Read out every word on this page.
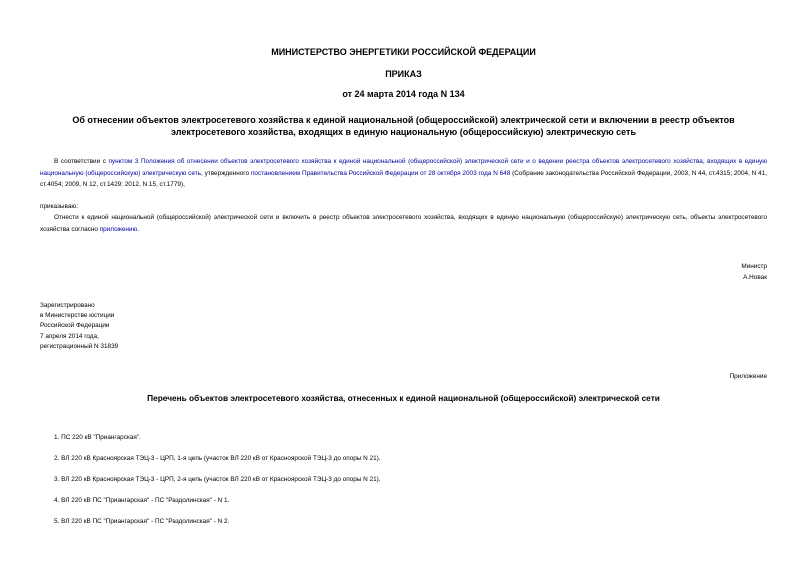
МИНИСТЕРСТВО ЭНЕРГЕТИКИ РОССИЙСКОЙ ФЕДЕРАЦИИ
ПРИКАЗ
от 24 марта 2014 года N 134
Об отнесении объектов электросетевого хозяйства к единой национальной (общероссийской) электрической сети и включении в реестр объектов электросетевого хозяйства, входящих в единую национальную (общероссийскую) электрическую сеть
В соответствии с пунктом 3 Положения об отнесении объектов электросетевого хозяйства к единой национальной (общероссийской) электрической сети и о ведении реестра объектов электросетевого хозяйства, входящих в единую национальную (общероссийскую) электрическую сеть, утвержденного постановлением Правительства Российской Федерации от 28 октября 2003 года N 648 (Собрание законодательства Российской Федерации, 2003, N 44, ст.4315; 2004, N 41, ст.4054; 2009, N 12, ст.1429; 2012, N 15, ст.1779),
приказываю:
Отнести к единой национальной (общероссийской) электрической сети и включить в реестр объектов электросетевого хозяйства, входящих в единую национальную (общероссийскую) электрическую сеть, объекты электросетевого хозяйства согласно приложению.
Министр
А.Новак
Зарегистрировано
в Министерстве юстиции
Российской Федерации
7 апреля 2014 года,
регистрационный N 31839
Приложение
Перечень объектов электросетевого хозяйства, отнесенных к единой национальной (общероссийской) электрической сети
1. ПС 220 кВ "Приангарская".
2. ВЛ 220 кВ Красноярская ТЭЦ-3 - ЦРП, 1-я цепь (участок ВЛ 220 кВ от Красноярской ТЭЦ-3 до опоры N 21).
3. ВЛ 220 кВ Красноярская ТЭЦ-3 - ЦРП, 2-я цепь (участок ВЛ 220 кВ от Красноярской ТЭЦ-3 до опоры N 21).
4. ВЛ 220 кВ ПС "Приангарская" - ПС "Раздолинская" - N 1.
5. ВЛ 220 кВ ПС "Приангарская" - ПС "Раздолинская" - N 2.
